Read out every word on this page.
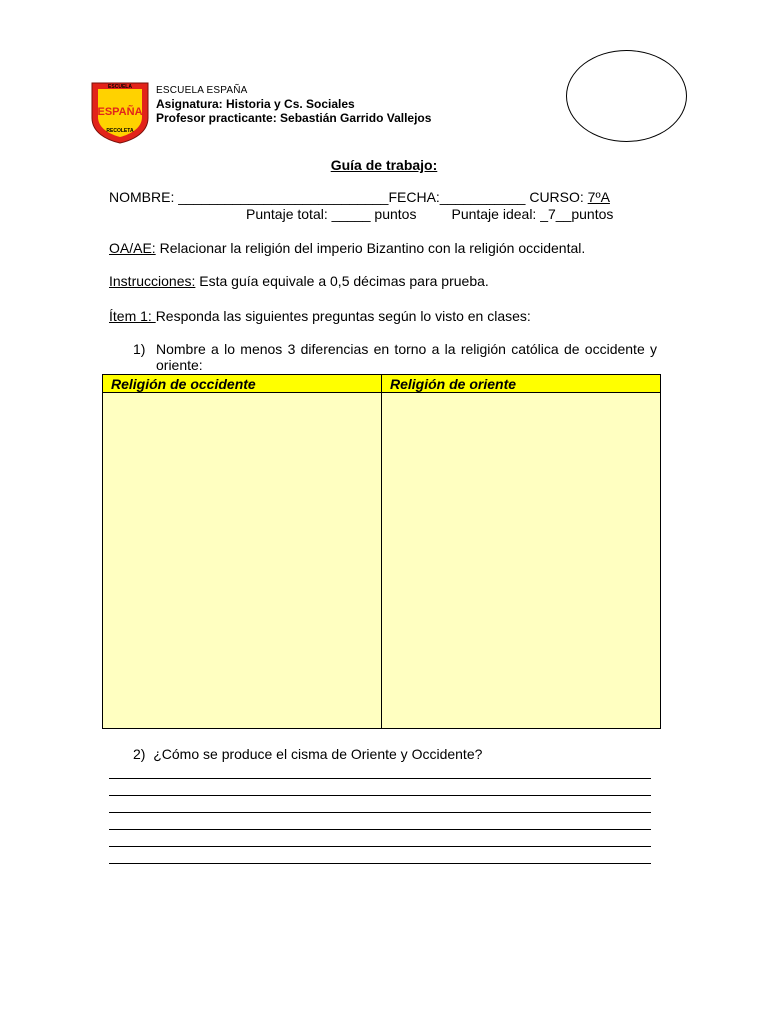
ESCUELA
ESPAÑA
RECOLETA
ESCUELA ESPAÑA
Asignatura: Historia y Cs. Sociales
Profesor practicante: Sebastián Garrido Vallejos
Guía de trabajo:
NOMBRE: ___________________________FECHA:___________ CURSO: 7ºA
Puntaje total: _____ puntos         Puntaje ideal: _7__puntos
OA/AE: Relacionar la religión del imperio Bizantino con la religión occidental.
Instrucciones: Esta guía equivale a 0,5 décimas para prueba.
Ítem 1: Responda las siguientes preguntas según lo visto en clases:
1) Nombre a lo menos 3 diferencias en torno a la religión católica de occidente y oriente:
Religión de occidente	Religión de oriente

2) ¿Cómo se produce el cisma de Oriente y Occidente?
